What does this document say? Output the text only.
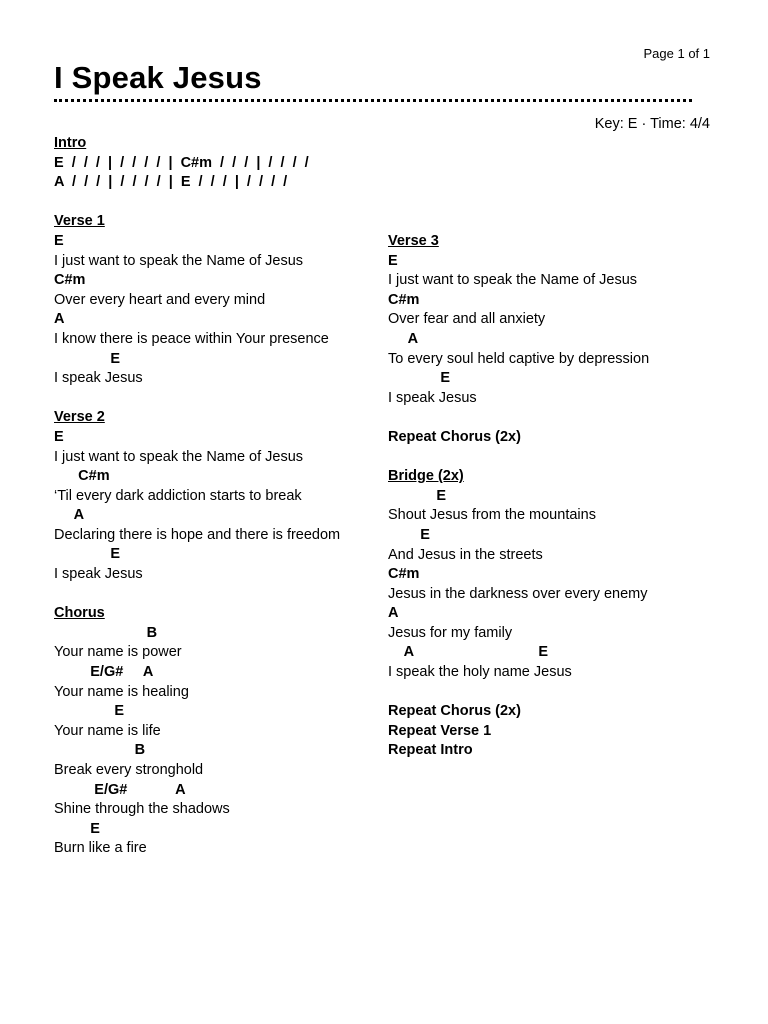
Page 1 of 1
I Speak Jesus
Key: E · Time: 4/4
Intro
E  /  /  /  |  /  /  /  /  |  C#m  /  /  /  |  /  /  /  /
A  /  /  /  |  /  /  /  /  |  E  /  /  /  |  /  /  /  /
Verse 1
E
I just want to speak the Name of Jesus
C#m
Over every heart and every mind
A
I know there is peace within Your presence
E
I speak Jesus
Verse 2
E
I just want to speak the Name of Jesus
C#m
‘Til every dark addiction starts to break
A
Declaring there is hope and there is freedom
E
I speak Jesus
Chorus
B
Your name is power
E/G#     A
Your name is healing
E
Your name is life
B
Break every stronghold
E/G#            A
Shine through the shadows
E
Burn like a fire
Verse 3
E
I just want to speak the Name of Jesus
C#m
Over fear and all anxiety
A
To every soul held captive by depression
E
I speak Jesus
Repeat Chorus (2x)
Bridge (2x)
E
Shout Jesus from the mountains
E
And Jesus in the streets
C#m
Jesus in the darkness over every enemy
A
Jesus for my family
A                               E
I speak the holy name Jesus
Repeat Chorus (2x)
Repeat Verse 1
Repeat Intro
